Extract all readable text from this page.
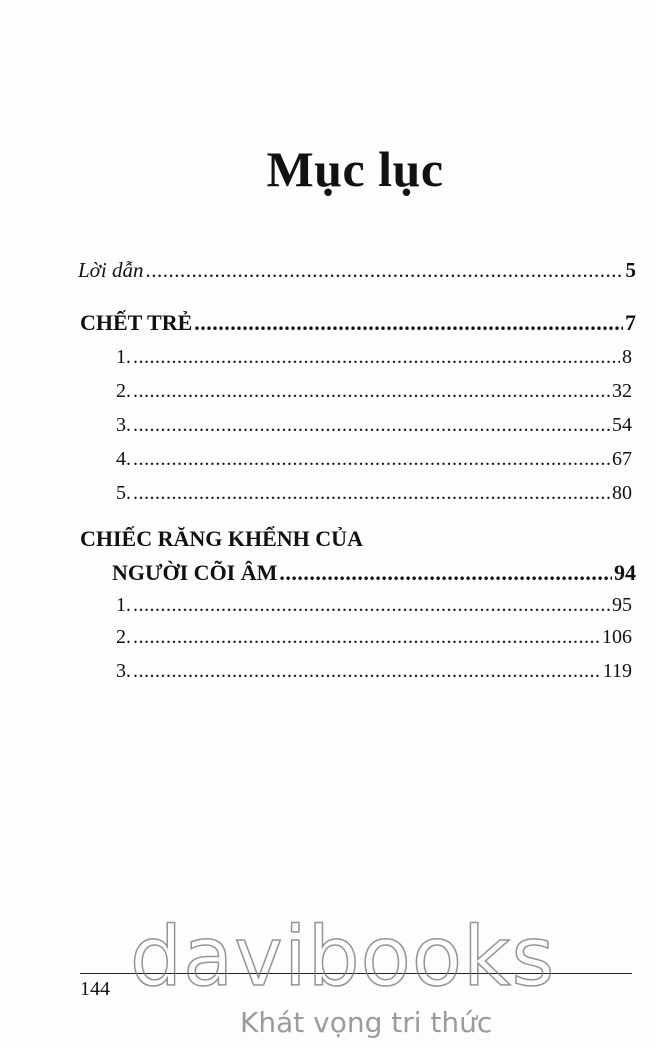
Mục lục
Lời dẫn .....	5
CHẾT TRẺ .....	7
1. .....	8
2. .....	32
3. .....	54
4. .....	67
5. .....	80
CHIẾC RĂNG KHỂNH CỦA
NGƯỜI CÕI ÂM .....	94
1. .....	95
2. .....	106
3. .....	119
144 davibooks
Khát vọng tri thức
